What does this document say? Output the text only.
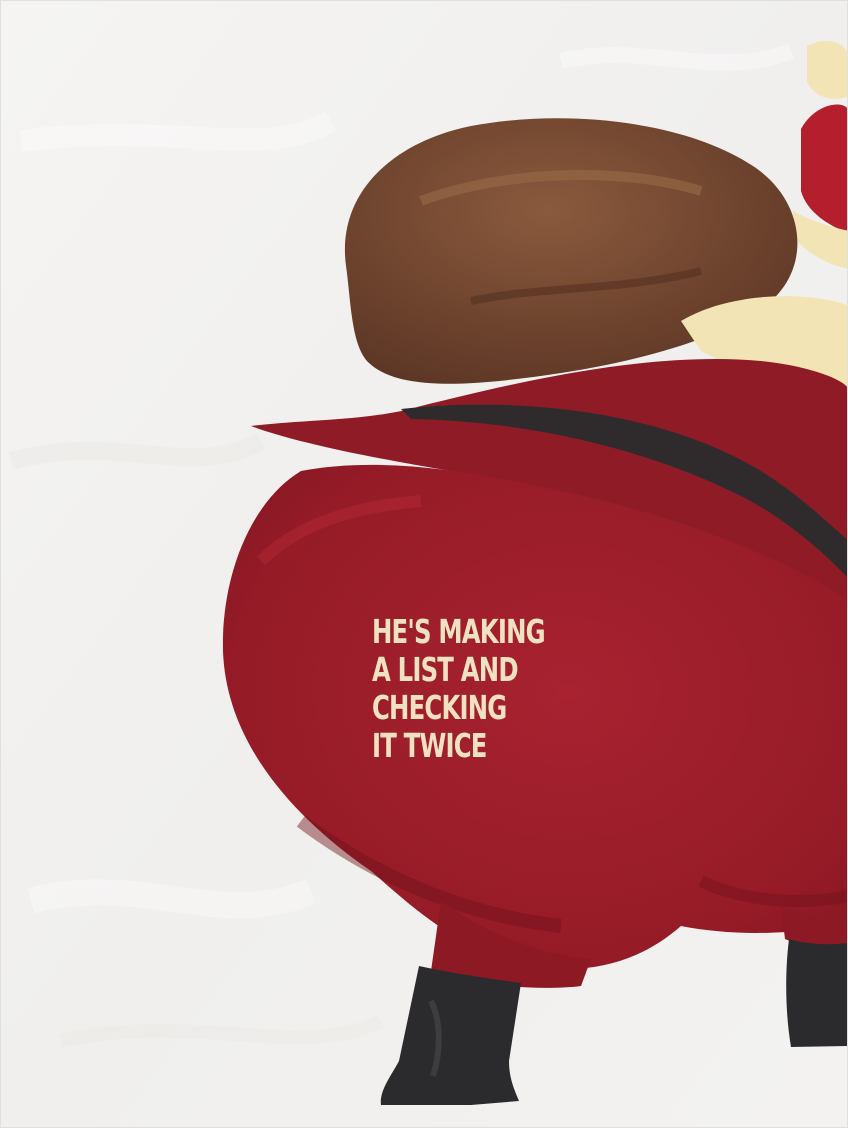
HE'S MAKING
A LIST AND
CHECKING
IT TWICE
